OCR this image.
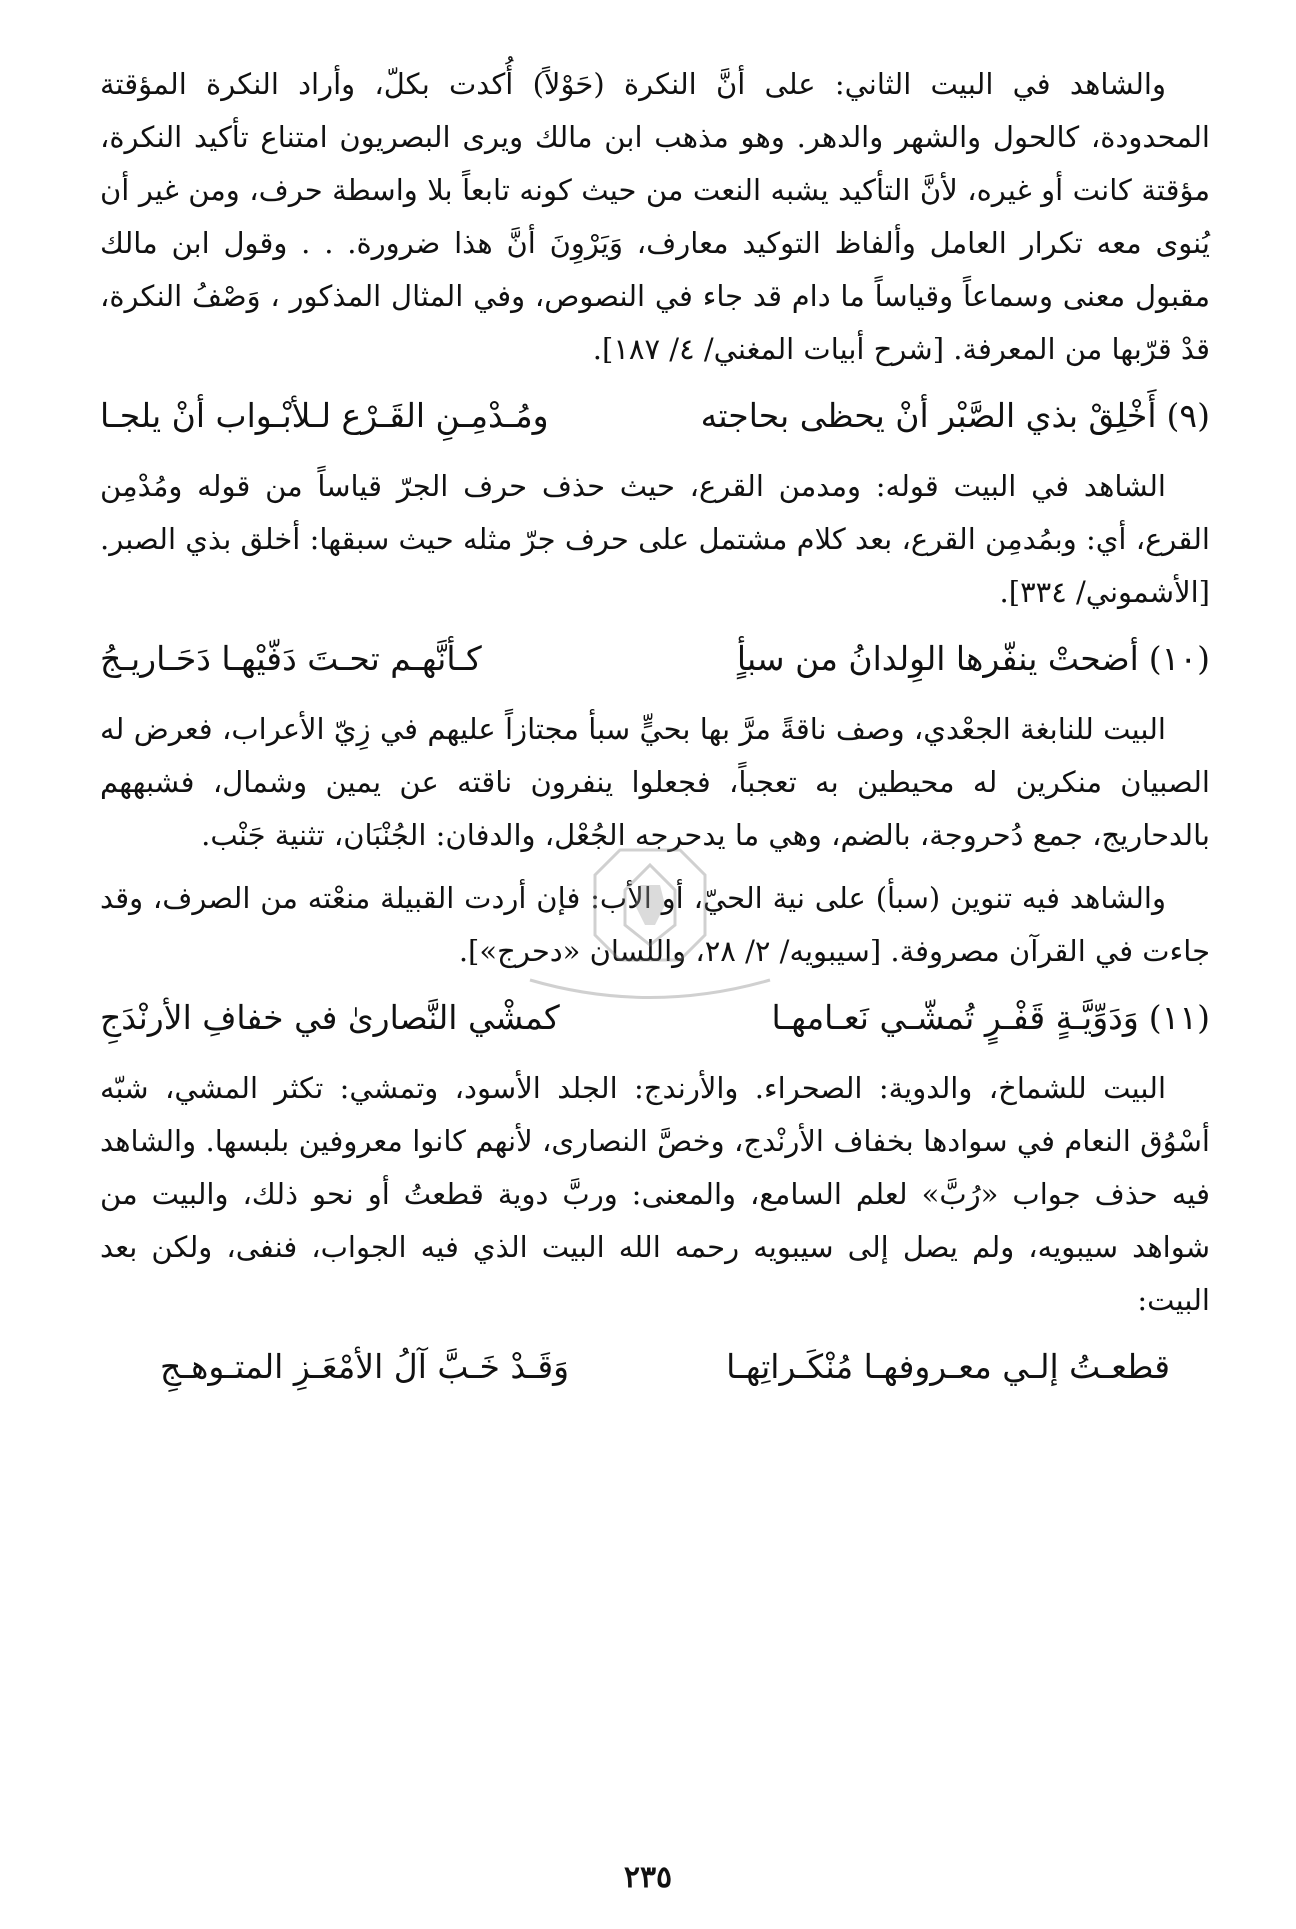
والشاهد في البيت الثاني: على أنَّ النكرة (حَوْلاً) أُكدت بكلّ، وأراد النكرة المؤقتة المحدودة، كالحول والشهر والدهر. وهو مذهب ابن مالك ويرى البصريون امتناع تأكيد النكرة، مؤقتة كانت أو غيره، لأنَّ التأكيد يشبه النعت من حيث كونه تابعاً بلا واسطة حرف، ومن غير أن يُنوى معه تكرار العامل وألفاظ التوكيد معارف، وَيَرْوِنَ أنَّ هذا ضرورة. . . وقول ابن مالك مقبول معنى وسماعاً وقياساً ما دام قد جاء في النصوص، وفي المثال المذكور ، وَصْفُ النكرة، قدْ قرّبها من المعرفة. [شرح أبيات المغني/ ٤/ ١٨٧].

(٩)أَخْلِقْ بذي الصَّبْر أنْ يحظى بحاجته
ومُـدْمِـنِ القَـرْع لـلأبْـواب أنْ يلجـا

الشاهد في البيت قوله: ومدمن القرع، حيث حذف حرف الجرّ قياساً من قوله ومُدْمِن القرع، أي: وبمُدمِن القرع، بعد كلام مشتمل على حرف جرّ مثله حيث سبقها: أخلق بذي الصبر. [الأشموني/ ٣٣٤].

(١٠)أضحتْ ينفّرها الوِلدانُ من سبأٍ
كـأنَّهـم تحـتَ دَفّيْهـا دَحَـاريـجُ

البيت للنابغة الجعْدي، وصف ناقةً مرَّ بها بحيٍّ سبأ مجتازاً عليهم في زِيّ الأعراب، فعرض له الصبيان منكرين له محيطين به تعجباً، فجعلوا ينفرون ناقته عن يمين وشمال، فشبههم بالدحاريج، جمع دُحروجة، بالضم، وهي ما يدحرجه الجُعْل، والدفان: الجُنْبَان، تثنية جَنْب.

والشاهد فيه تنوين (سبأ) على نية الحيّ، أو الأب: فإن أردت القبيلة منعْته من الصرف، وقد جاءت في القرآن مصروفة. [سيبويه/ ٢/ ٢٨، واللسان «دحرج»].

(١١)وَدَوِّيَّـةٍ قَفْـرٍ تُمشّـي نَعـامهـا
كمشْي النَّصارىٰ في خفافِ الأرنْدَجِ

البيت للشماخ، والدوية: الصحراء. والأرندج: الجلد الأسود، وتمشي: تكثر المشي، شبّه أسْوُق النعام في سوادها بخفاف الأرنْدج، وخصَّ النصارى، لأنهم كانوا معروفين بلبسها. والشاهد فيه حذف جواب «رُبَّ» لعلم السامع، والمعنى: وربَّ دوية قطعتُ أو نحو ذلك، والبيت من شواهد سيبويه، ولم يصل إلى سيبويه رحمه الله البيت الذي فيه الجواب، فنفى، ولكن بعد البيت:

قطعـتُ إلـي معـروفهـا مُنْكَـراتِهـا
وَقَـدْ خَـبَّ آلُ الأمْعَـزِ المتـوهـجِ
٢٣٥
